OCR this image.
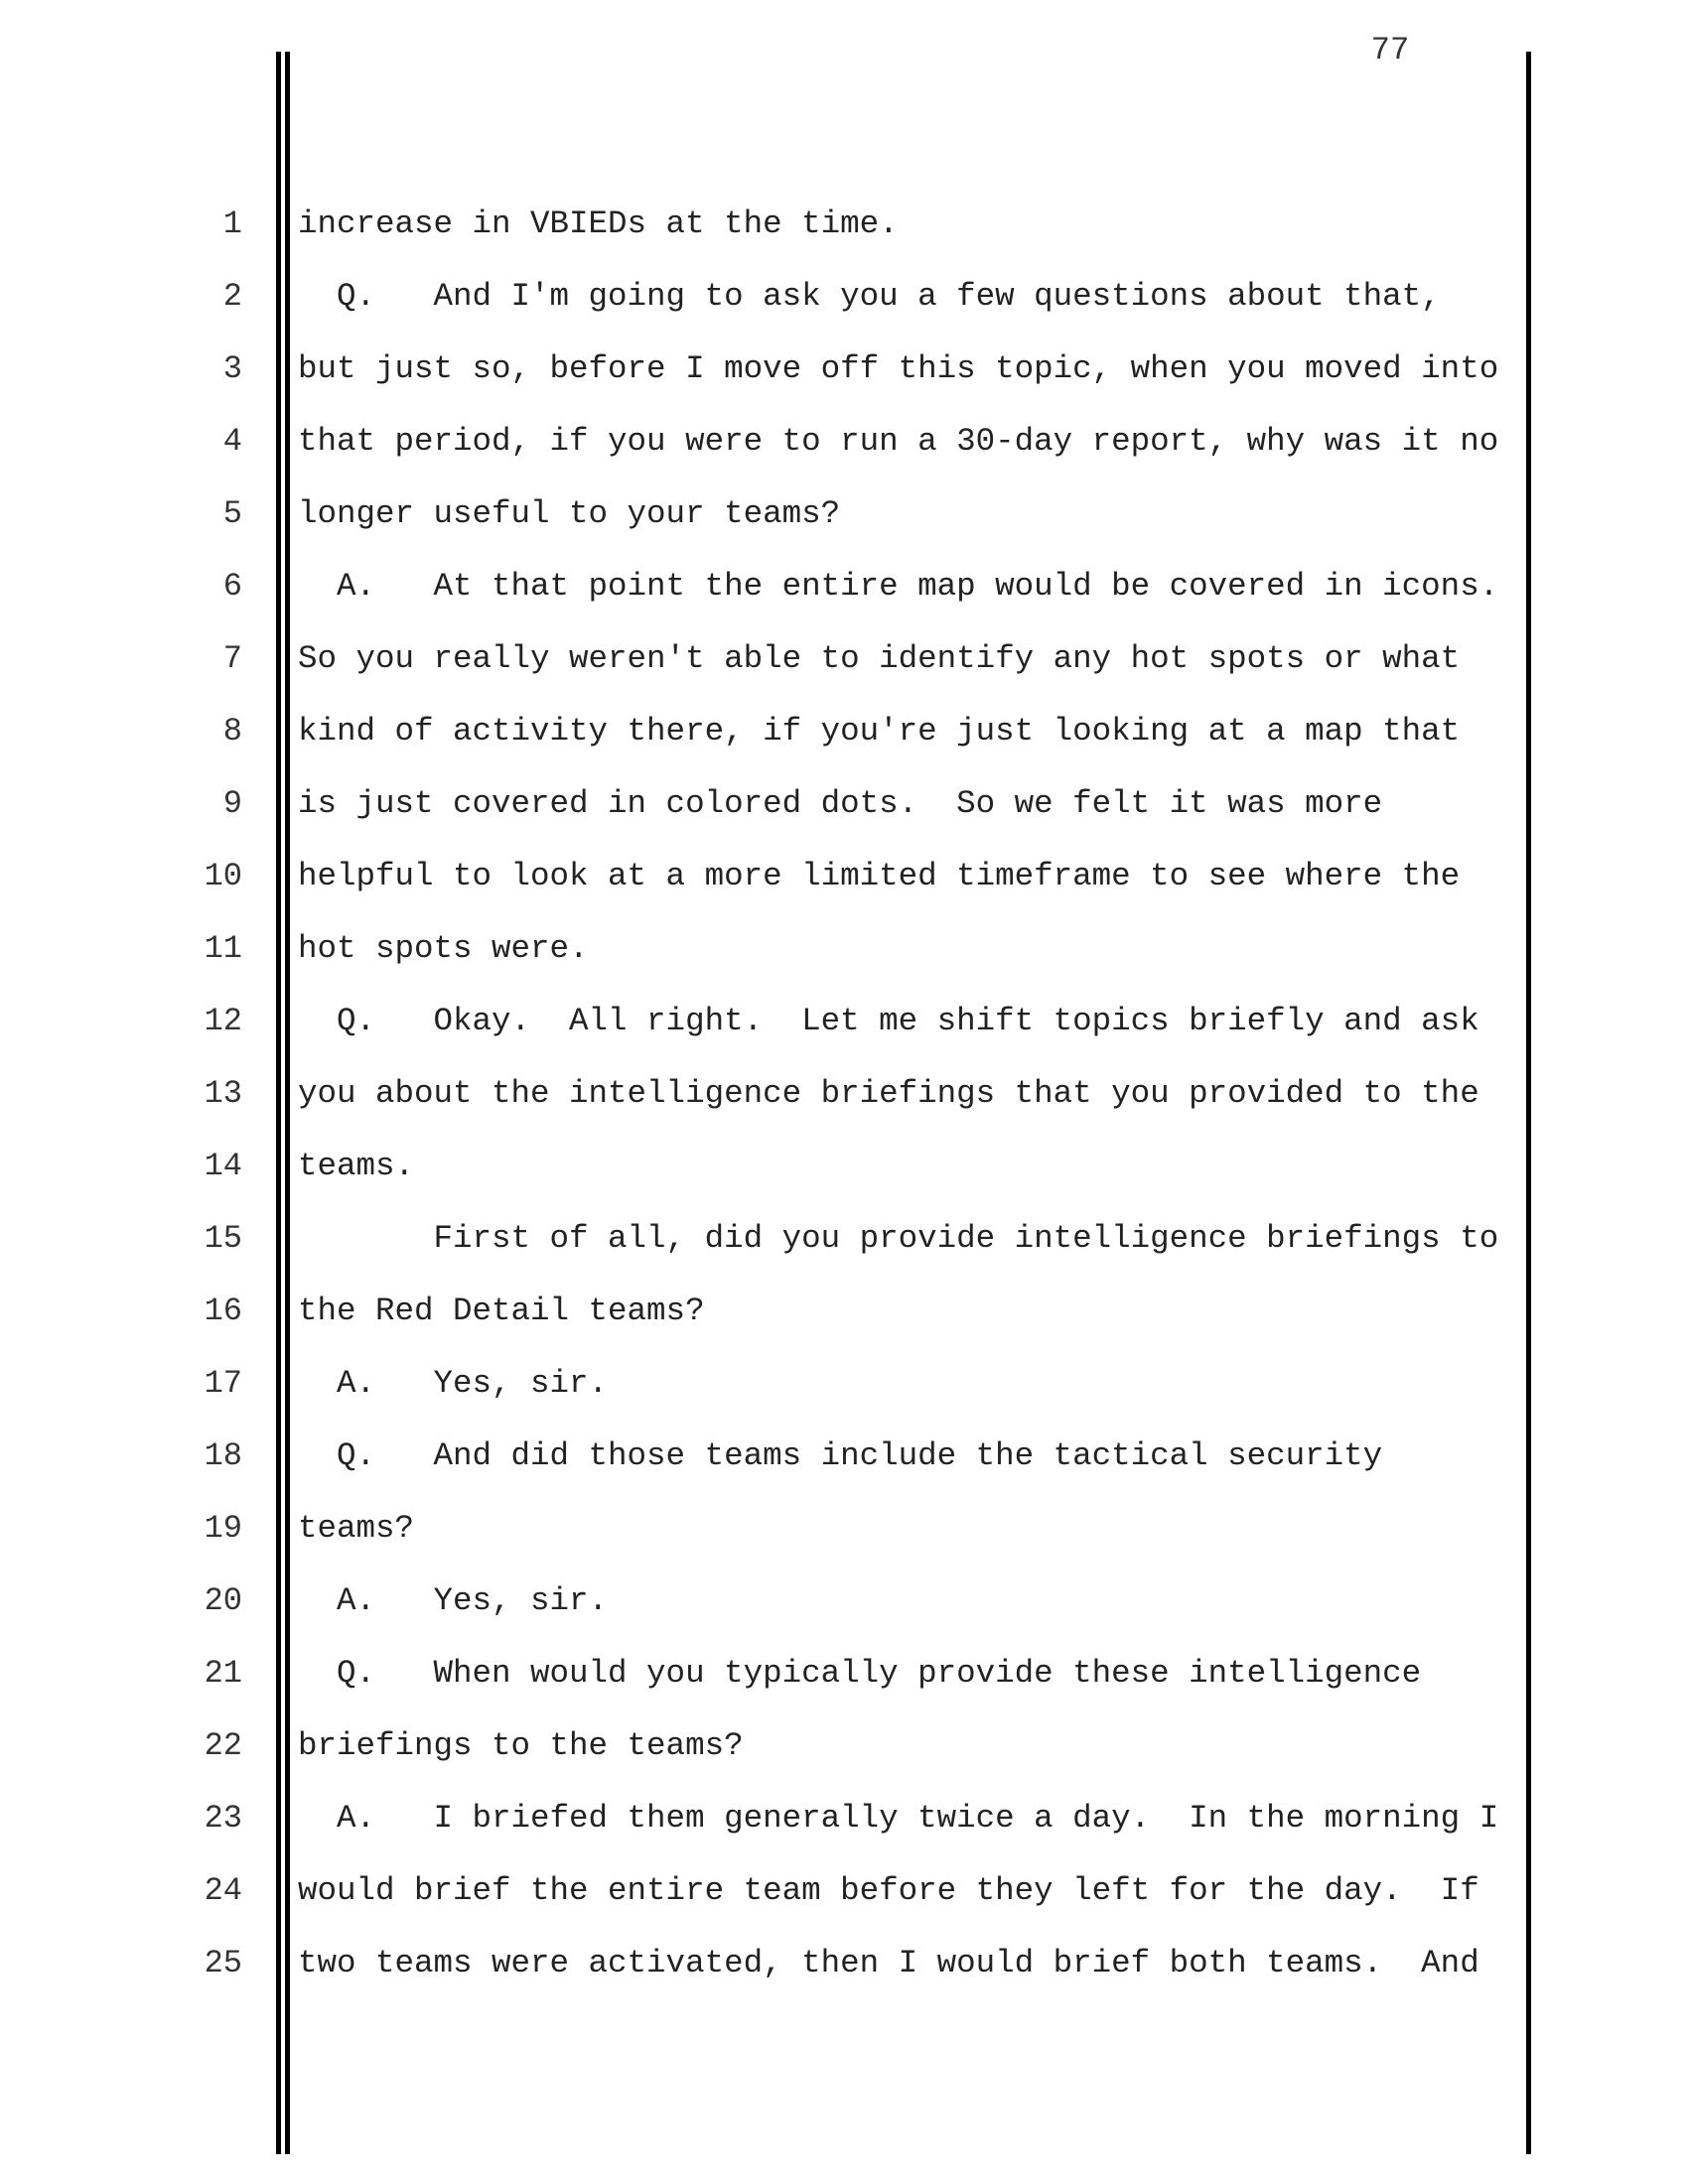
77
1 increase in VBIEDs at the time.
2 Q.   And I'm going to ask you a few questions about that,
3 but just so, before I move off this topic, when you moved into
4 that period, if you were to run a 30-day report, why was it no
5 longer useful to your teams?
6 A.   At that point the entire map would be covered in icons.
7 So you really weren't able to identify any hot spots or what
8 kind of activity there, if you're just looking at a map that
9 is just covered in colored dots.  So we felt it was more
10 helpful to look at a more limited timeframe to see where the
11 hot spots were.
12 Q.   Okay.  All right.  Let me shift topics briefly and ask
13 you about the intelligence briefings that you provided to the
14 teams.
15 First of all, did you provide intelligence briefings to
16 the Red Detail teams?
17 A.   Yes, sir.
18 Q.   And did those teams include the tactical security
19 teams?
20 A.   Yes, sir.
21 Q.   When would you typically provide these intelligence
22 briefings to the teams?
23 A.   I briefed them generally twice a day.  In the morning I
24 would brief the entire team before they left for the day.  If
25 two teams were activated, then I would brief both teams.  And
